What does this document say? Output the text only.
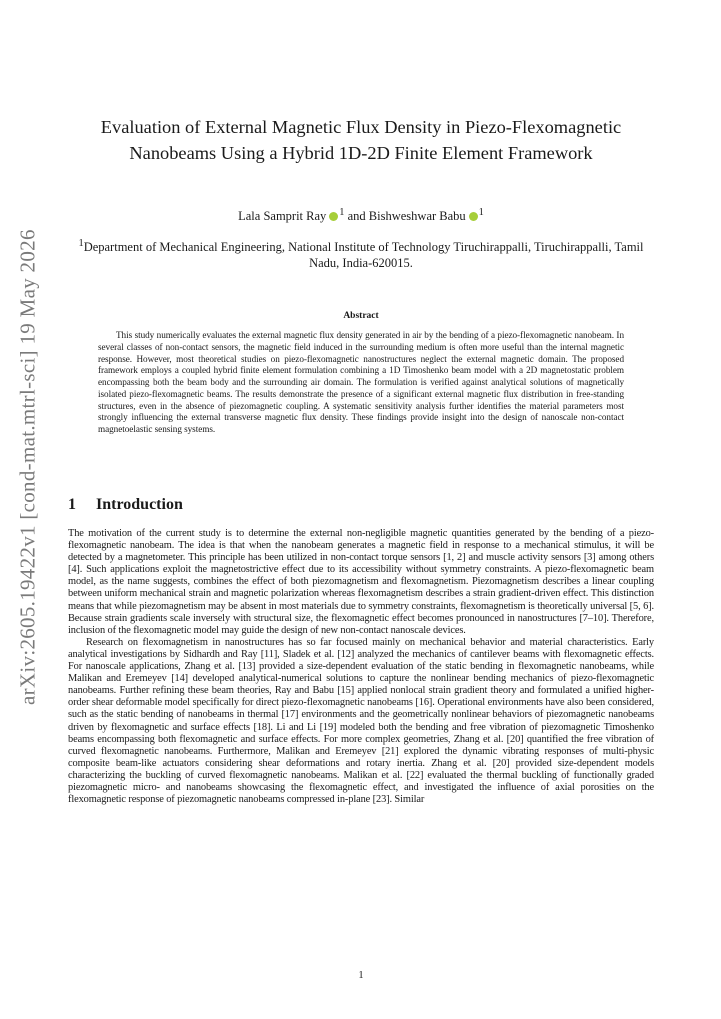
arXiv:2605.19422v1 [cond-mat.mtrl-sci] 19 May 2026
Evaluation of External Magnetic Flux Density in Piezo-Flexomagnetic Nanobeams Using a Hybrid 1D-2D Finite Element Framework
Lala Samprit Ray $^1$ and Bishweshwar Babu $^1$
$^1$Department of Mechanical Engineering, National Institute of Technology Tiruchirappalli, Tiruchirappalli, Tamil Nadu, India-620015.
Abstract

This study numerically evaluates the external magnetic flux density generated in air by the bending of a piezo-flexomagnetic nanobeam. In several classes of non-contact sensors, the magnetic field induced in the surrounding medium is often more useful than the internal magnetic response. However, most theoretical studies on piezo-flexomagnetic nanostructures neglect the external magnetic domain. The proposed framework employs a coupled hybrid finite element formulation combining a 1D Timoshenko beam model with a 2D magnetostatic problem encompassing both the beam body and the surrounding air domain. The formulation is verified against analytical solutions of magnetically isolated piezo-flexomagnetic beams. The results demonstrate the presence of a significant external magnetic flux distribution in free-standing structures, even in the absence of piezomagnetic coupling. A systematic sensitivity analysis further identifies the material parameters most strongly influencing the external transverse magnetic flux density. These findings provide insight into the design of nanoscale non-contact magnetoelastic sensing systems.

1 Introduction

The motivation of the current study is to determine the external non-negligible magnetic quantities generated by the bending of a piezo-flexomagnetic nanobeam. The idea is that when the nanobeam generates a magnetic field in response to a mechanical stimulus, it will be detected by a magnetometer. This principle has been utilized in non-contact torque sensors [1, 2] and muscle activity sensors [3] among others [4]. Such applications exploit the magnetostrictive effect due to its accessibility without symmetry constraints. A piezo-flexomagnetic beam model, as the name suggests, combines the effect of both piezomagnetism and flexomagnetism. Piezomagnetism describes a linear coupling between uniform mechanical strain and magnetic polarization whereas flexomagnetism describes a strain gradient-driven effect. This distinction means that while piezomagnetism may be absent in most materials due to symmetry constraints, flexomagnetism is theoretically universal [5, 6]. Because strain gradients scale inversely with structural size, the flexomagnetic effect becomes pronounced in nanostructures [7–10]. Therefore, inclusion of the flexomagnetic model may guide the design of new non-contact nanoscale devices.

Research on flexomagnetism in nanostructures has so far focused mainly on mechanical behavior and material characteristics. Early analytical investigations by Sidhardh and Ray [11], Sladek et al. [12] analyzed the mechanics of cantilever beams with flexomagnetic effects. For nanoscale applications, Zhang et al. [13] provided a size-dependent evaluation of the static bending in flexomagnetic nanobeams, while Malikan and Eremeyev [14] developed analytical-numerical solutions to capture the nonlinear bending mechanics of piezo-flexomagnetic nanobeams. Further refining these beam theories, Ray and Babu [15] applied nonlocal strain gradient theory and formulated a unified higher-order shear deformable model specifically for direct piezo-flexomagnetic nanobeams [16]. Operational environments have also been considered, such as the static bending of nanobeams in thermal [17] environments and the geometrically nonlinear behaviors of piezomagnetic nanobeams driven by flexomagnetic and surface effects [18]. Li and Li [19] modeled both the bending and free vibration of piezomagnetic Timoshenko beams encompassing both flexomagnetic and surface effects. For more complex geometries, Zhang et al. [20] quantified the free vibration of curved flexomagnetic nanobeams. Furthermore, Malikan and Eremeyev [21] explored the dynamic vibrating responses of multi-physic composite beam-like actuators considering shear deformations and rotary inertia. Zhang et al. [20] provided size-dependent models characterizing the buckling of curved flexomagnetic nanobeams. Malikan et al. [22] evaluated the thermal buckling of functionally graded piezomagnetic micro- and nanobeams showcasing the flexomagnetic effect, and investigated the influence of axial porosities on the flexomagnetic response of piezomagnetic nanobeams compressed in-plane [23]. Similar

1
